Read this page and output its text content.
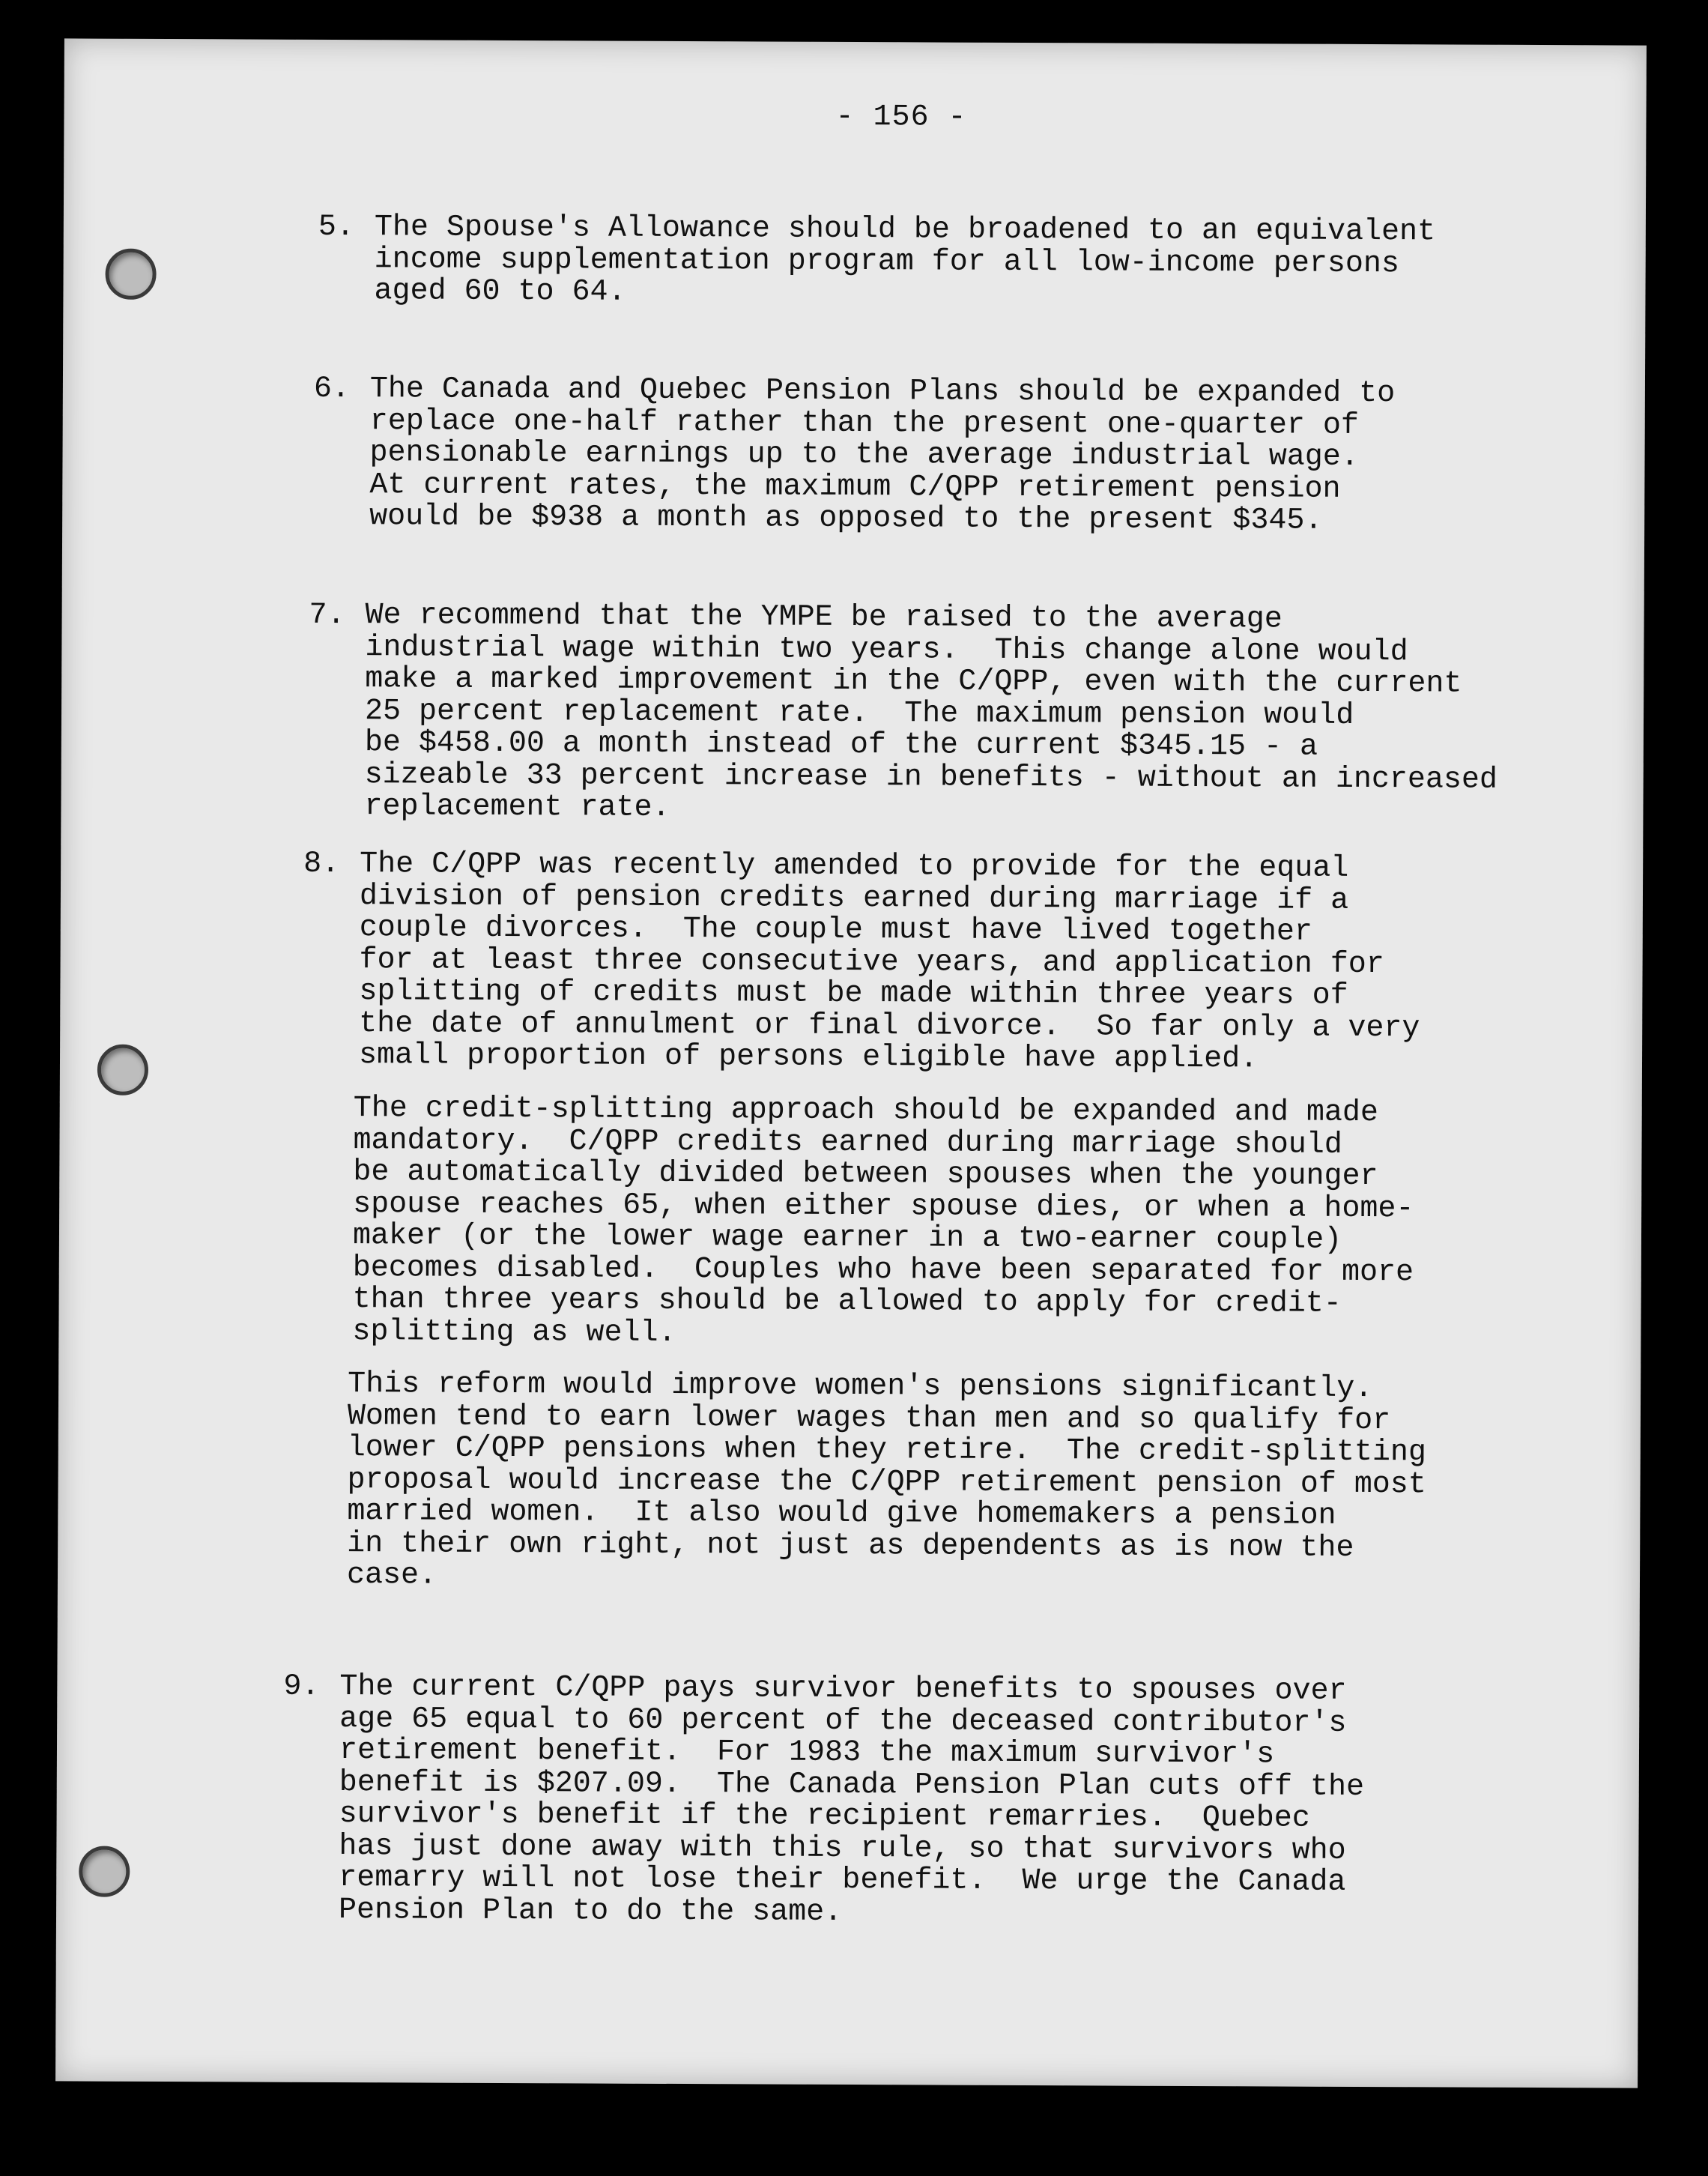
- 156 -
5. The Spouse's Allowance should be broadened to an equivalent
income supplementation program for all low-income persons
aged 60 to 64.

6. The Canada and Quebec Pension Plans should be expanded to
replace one-half rather than the present one-quarter of
pensionable earnings up to the average industrial wage.
At current rates, the maximum C/QPP retirement pension
would be $938 a month as opposed to the present $345.

7. We recommend that the YMPE be raised to the average
industrial wage within two years.  This change alone would
make a marked improvement in the C/QPP, even with the current
25 percent replacement rate.  The maximum pension would
be $458.00 a month instead of the current $345.15 - a
sizeable 33 percent increase in benefits - without an increased
replacement rate.

8. The C/QPP was recently amended to provide for the equal
division of pension credits earned during marriage if a
couple divorces.  The couple must have lived together
for at least three consecutive years, and application for
splitting of credits must be made within three years of
the date of annulment or final divorce.  So far only a very
small proportion of persons eligible have applied.

The credit-splitting approach should be expanded and made
mandatory.  C/QPP credits earned during marriage should
be automatically divided between spouses when the younger
spouse reaches 65, when either spouse dies, or when a home-
maker (or the lower wage earner in a two-earner couple)
becomes disabled.  Couples who have been separated for more
than three years should be allowed to apply for credit-
splitting as well.

This reform would improve women's pensions significantly.
Women tend to earn lower wages than men and so qualify for
lower C/QPP pensions when they retire.  The credit-splitting
proposal would increase the C/QPP retirement pension of most
married women.  It also would give homemakers a pension
in their own right, not just as dependents as is now the
case.

9. The current C/QPP pays survivor benefits to spouses over
age 65 equal to 60 percent of the deceased contributor's
retirement benefit.  For 1983 the maximum survivor's
benefit is $207.09.  The Canada Pension Plan cuts off the
survivor's benefit if the recipient remarries.  Quebec
has just done away with this rule, so that survivors who
remarry will not lose their benefit.  We urge the Canada
Pension Plan to do the same.
